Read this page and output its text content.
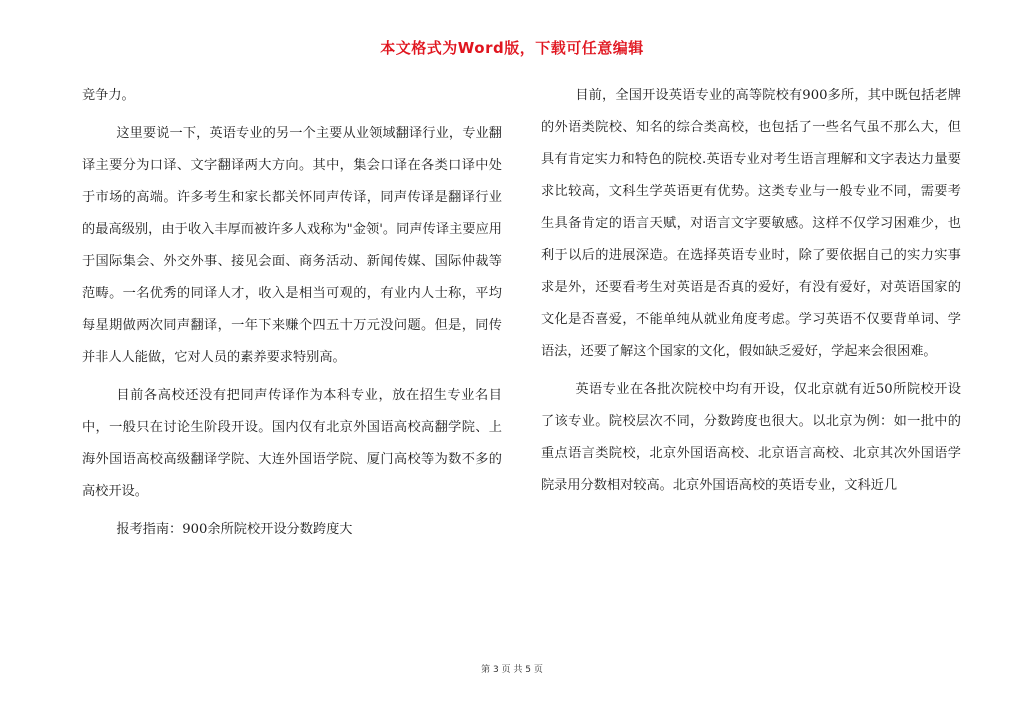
本文格式为Word版，下载可任意编辑

竞争力。

这里要说一下，英语专业的另一个主要从业领域翻译行业，专业翻译主要分为口译、文字翻译两大方向。其中，集会口译在各类口译中处于市场的高端。许多考生和家长都关怀同声传译，同声传译是翻译行业的最高级别，由于收入丰厚而被许多人戏称为"金领'。同声传译主要应用于国际集会、外交外事、接见会面、商务活动、新闻传媒、国际仲裁等范畴。一名优秀的同译人才，收入是相当可观的，有业内人士称，平均每星期做两次同声翻译，一年下来赚个四五十万元没问题。但是，同传并非人人能做，它对人员的素养要求特别高。

目前各高校还没有把同声传译作为本科专业，放在招生专业名目中，一般只在讨论生阶段开设。国内仅有北京外国语高校高翻学院、上海外国语高校高级翻译学院、大连外国语学院、厦门高校等为数不多的高校开设。

报考指南：900余所院校开设分数跨度大

目前，全国开设英语专业的高等院校有900多所，其中既包括老牌的外语类院校、知名的综合类高校，也包括了一些名气虽不那么大，但具有肯定实力和特色的院校.英语专业对考生语言理解和文字表达力量要求比较高，文科生学英语更有优势。这类专业与一般专业不同，需要考生具备肯定的语言天赋，对语言文字要敏感。这样不仅学习困难少，也利于以后的进展深造。在选择英语专业时，除了要依据自己的实力实事求是外，还要看考生对英语是否真的爱好，有没有爱好，对英语国家的文化是否喜爱，不能单纯从就业角度考虑。学习英语不仅要背单词、学语法，还要了解这个国家的文化，假如缺乏爱好，学起来会很困难。

英语专业在各批次院校中均有开设，仅北京就有近50所院校开设了该专业。院校层次不同，分数跨度也很大。以北京为例：如一批中的重点语言类院校，北京外国语高校、北京语言高校、北京其次外国语学院录用分数相对较高。北京外国语高校的英语专业，文科近几

第 3 页 共 5 页
